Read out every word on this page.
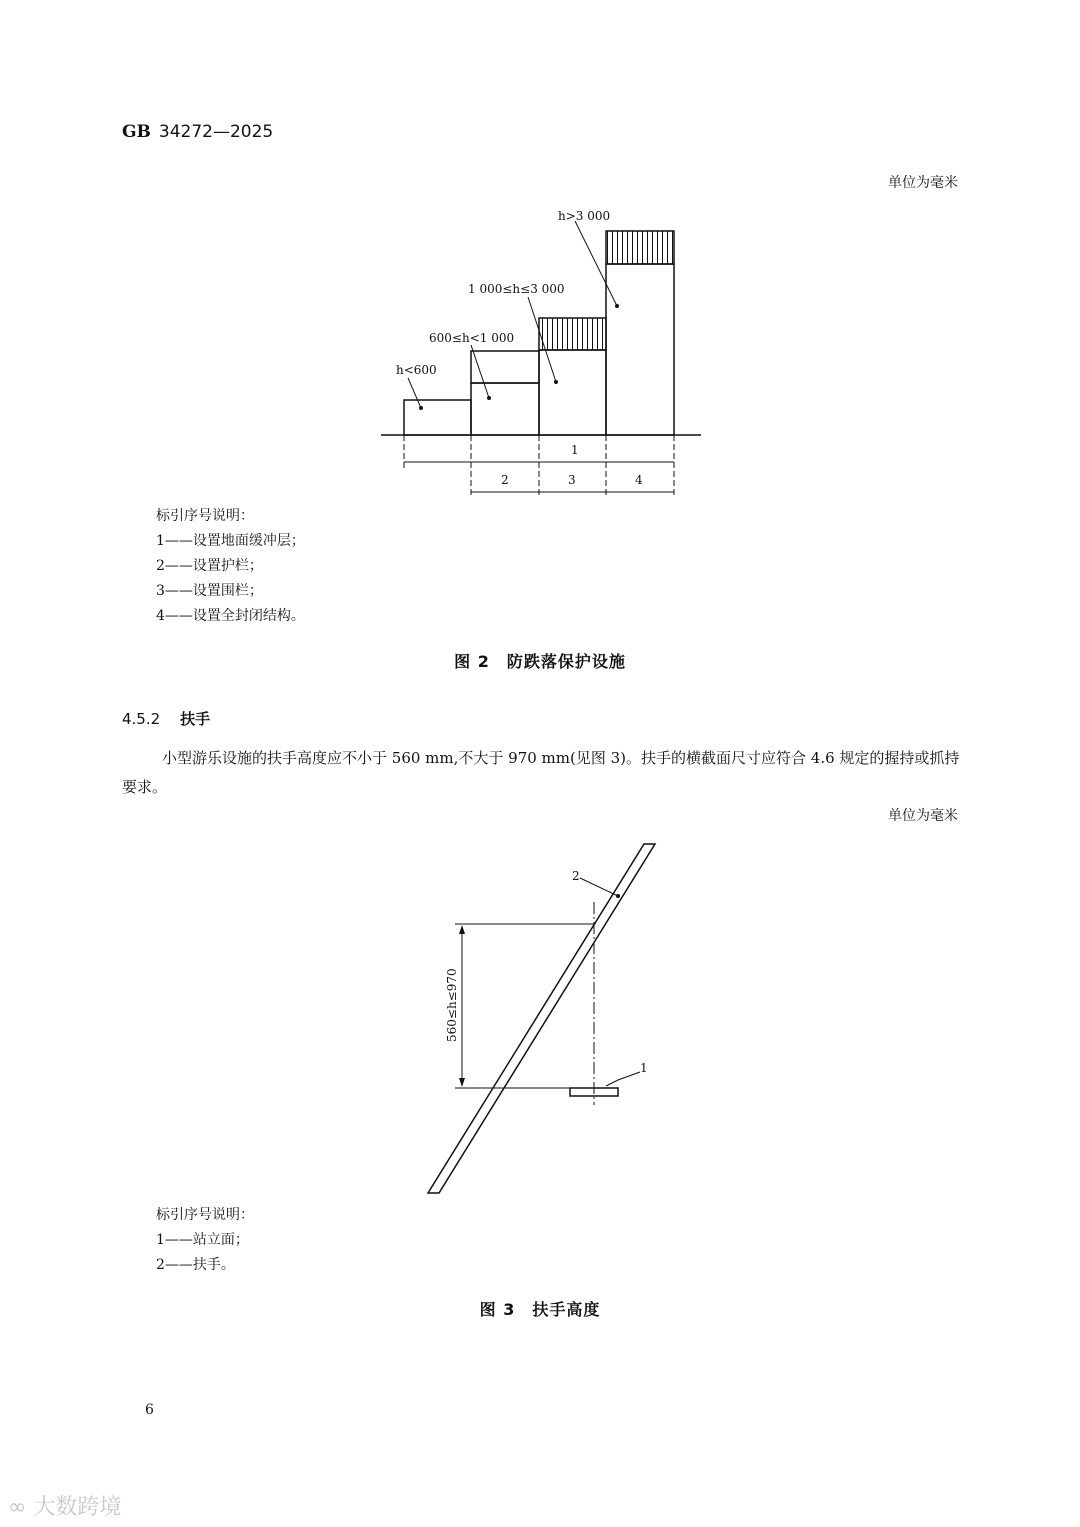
GB 34272—2025
单位为毫米
h<600
600≤h<1 000
1 000≤h≤3 000
h>3 000
1
2	3	4
标引序号说明：
1——设置地面缓冲层；
2——设置护栏；
3——设置围栏；
4——设置全封闭结构。
图 2　防跌落保护设施
4.5.2 扶手
小型游乐设施的扶手高度应不小于 560 mm,不大于 970 mm(见图 3)。扶手的横截面尺寸应符合 4.6 规定的握持或抓持要求。
单位为毫米
560≤h≤970
2
1
标引序号说明：
1——站立面；
2——扶手。
图 3　扶手高度
6
∞ 大数跨境
